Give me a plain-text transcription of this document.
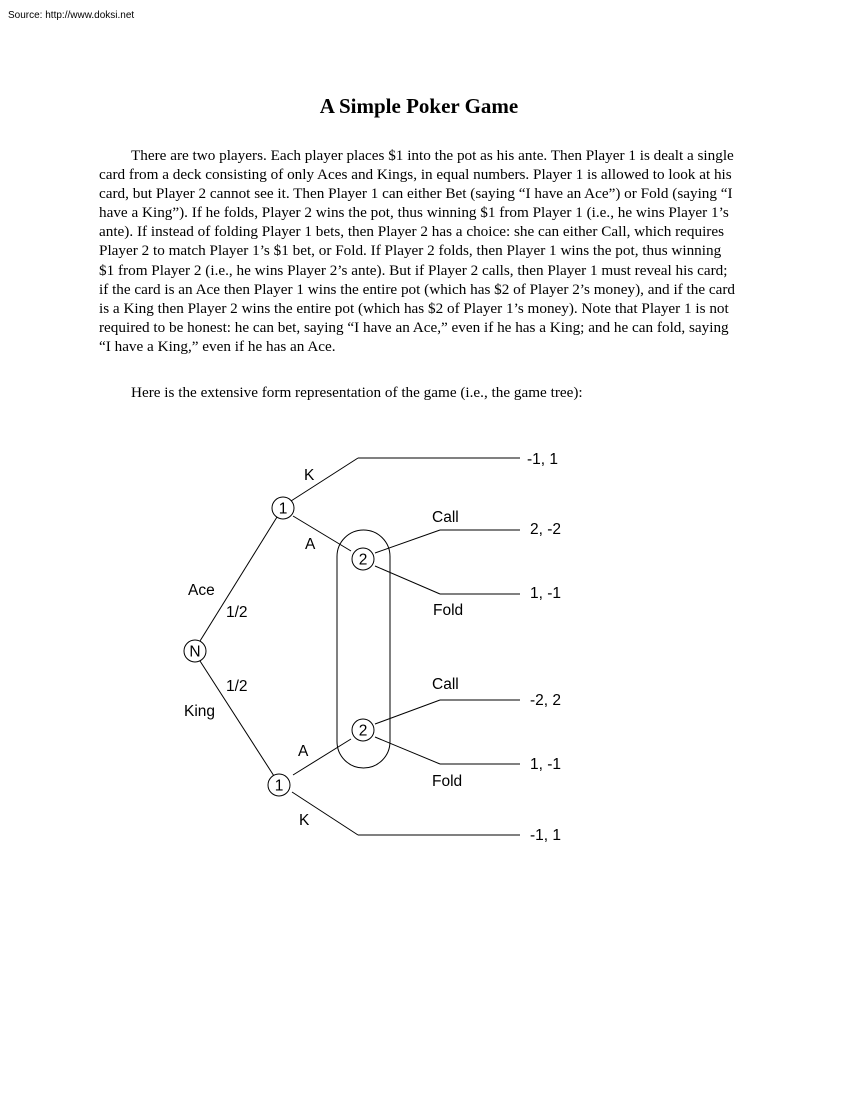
Source: http://www.doksi.net
A Simple Poker Game

There are two players. Each player places $1 into the pot as his ante. Then Player 1 is dealt a single card from a deck consisting of only Aces and Kings, in equal numbers. Player 1 is allowed to look at his card, but Player 2 cannot see it. Then Player 1 can either Bet (saying “I have an Ace”) or Fold (saying “I have a King”). If he folds, Player 2 wins the pot, thus winning $1 from Player 1 (i.e., he wins Player 1’s ante). If instead of folding Player 1 bets, then Player 2 has a choice: she can either Call, which requires Player 2 to match Player 1’s $1 bet, or Fold. If Player 2 folds, then Player 1 wins the pot, thus winning $1 from Player 2 (i.e., he wins Player 2’s ante). But if Player 2 calls, then Player 1 must reveal his card; if the card is an Ace then Player 1 wins the entire pot (which has $2 of Player 2’s money), and if the card is a King then Player 2 wins the entire pot (which has $2 of Player 1’s money). Note that Player 1 is not required to be honest: he can bet, saying “I have an Ace,” even if he has a King; and he can fold, saying “I have a King,” even if he has an Ace.

Here is the extensive form representation of the game (i.e., the game tree):

N
1
2
2
1
Ace
1/2
1/2
King
K
A
A
K
Call
Fold
Call
Fold
-1, 1
2, -2
1, -1
-2, 2
1, -1
-1, 1
